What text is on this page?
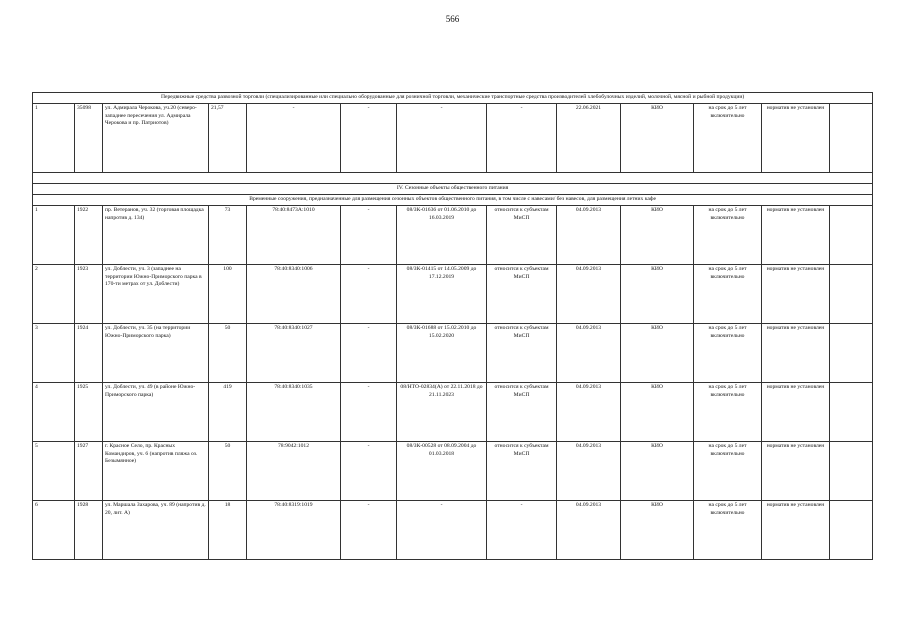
566
Передвижные средства развозной торговли (специализированные или специально оборудованные для розничной торговли, механические транспортные средства производителей хлебобулочных изделий, молочной, мясной и рыбной продукции)												
1	35098	ул. Адмирала Черокова, уч.20 (северо-западнее пересечения ул. Адмирала Черокова и пр. Патриотов)	21,57	-	-	-	-	22.06.2021	КИО	на срок до 5 лет включительно	норматив не установлен	

IV. Сезонные объекты общественного питания												
Временные сооружения, предназначенные для размещения сезонных объектов общественного питания, в том числе с навесами/ без навесов, для размещения летних кафе												
1	1922	пр. Ветеранов, уч. 32 (торговая площадка напротив д. 134)	73	78:40:8473А:1010	-	08/ЗК-01636 от 01.06.2010 до 16.03.2019	относится к субъектам МиСП	04.09.2013	КИО	на срок до 5 лет включительно	норматив не установлен	
2	1923	ул. Доблести, уч. 3 (западнее на территории Южно-Приморского парка в 170-ти метрах от ул. Доблести)	100	78:40:8340:1006	-	08/ЗК-01415 от 14.05.2009 до 17.12.2019	относится к субъектам МиСП	04.09.2013	КИО	на срок до 5 лет включительно	норматив не установлен	
3	1924	ул. Доблести, уч. 35 (на территории Южно-Приморского парка)	50	78:40:8340:1027	-	08/ЗК-01688 от 15.02.2010 до 15.02.2020	относится к субъектам МиСП	04.09.2013	КИО	на срок до 5 лет включительно	норматив не установлен	
4	1925	ул. Доблести, уч. 49 (в районе Южно-Приморского парка)	419	78:40:8340:1035	-	08/НТО-02834(А) от 22.11.2018 до 21.11.2023	относится к субъектам МиСП	04.09.2013	КИО	на срок до 5 лет включительно	норматив не установлен	
5	1927	г. Красное Село, пр. Красных Командиров, уч. 6 (напротив пляжа оз. Безымянное)	50	78:9042:1012	-	08/ЗК-00528 от 08.09.2004 до 01.03.2018	относится к субъектам МиСП	04.09.2013	КИО	на срок до 5 лет включительно	норматив не установлен	
6	1928	ул. Маршала Захарова, уч. 89 (напротив д. 20, лит. А)	18	78:40:8319:1019	-	-	-	04.09.2013	КИО	на срок до 5 лет включительно	норматив не установлен	
